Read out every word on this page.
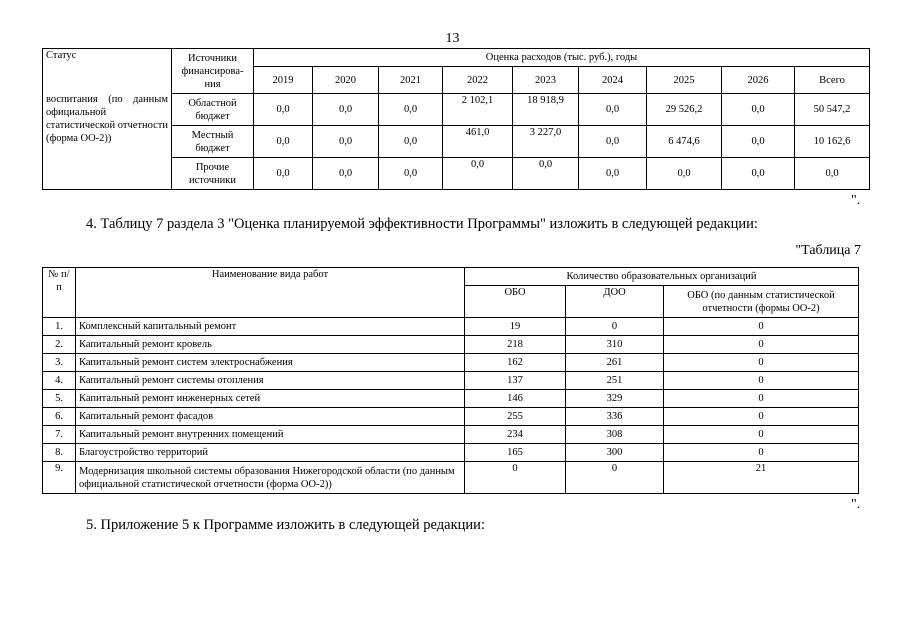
13
Статус
воспитания (по данным официальной статистической отчетности (форма ОО-2))	Источники финансирова-ния	Оценка расходов (тыс. руб.), годы								
		2019	2020	2021	2022	2023	2024	2025	2026	Всего
	Областной бюджет	0,0	0,0	0,0	2 102,1	18 918,9	0,0	29 526,2	0,0	50 547,2
	Местный бюджет	0,0	0,0	0,0	461,0	3 227,0	0,0	6 474,6	0,0	10 162,6
	Прочие источники	0,0	0,0	0,0	0,0	0,0	0,0	0,0	0,0	0,0
".
4. Таблицу 7 раздела 3 "Оценка планируемой эффективности Программы" изложить в следующей редакции:
"Таблица 7
№ п/п	Наименование вида работ	Количество образовательных организаций		
		ОБО	ДОО	ОБО (по данным статистической отчетности (формы ОО-2)
1.	Комплексный капитальный ремонт	19	0	0
2.	Капитальный ремонт кровель	218	310	0
3.	Капитальный ремонт систем электроснабжения	162	261	0
4.	Капитальный ремонт системы отопления	137	251	0
5.	Капитальный ремонт инженерных сетей	146	329	0
6.	Капитальный ремонт фасадов	255	336	0
7.	Капитальный ремонт внутренних помещений	234	308	0
8.	Благоустройство территорий	165	300	0
9.	Модернизация школьной системы образования Нижегородской области (по данным официальной статистической отчетности (форма ОО-2))	0	0	21
".
5. Приложение 5 к Программе изложить в следующей редакции:
